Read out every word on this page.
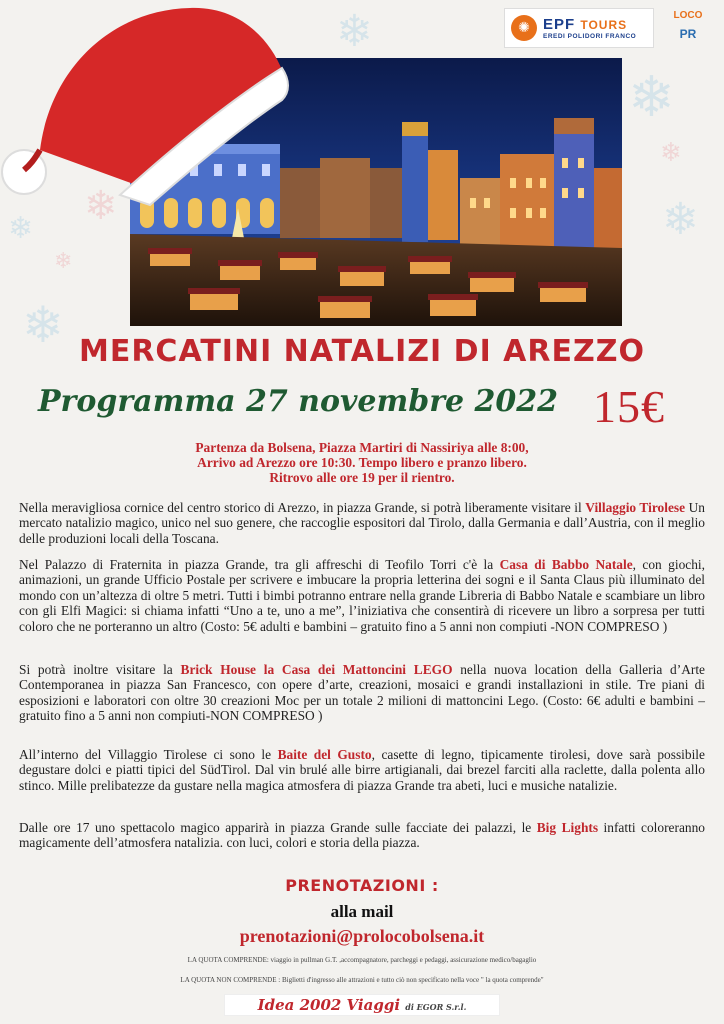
❄
❄
❄
❄
❄
❄
❄
❄
✺ EPF TOURS
EREDI POLIDORI FRANCO
LOCO
PR
MERCATINI NATALIZI DI AREZZO
Programma 27 novembre 2022 15€
Partenza da Bolsena, Piazza Martiri di Nassiriya alle 8:00,
Arrivo ad Arezzo ore 10:30. Tempo libero e pranzo libero.
Ritrovo alle ore 19 per il rientro.

Nella meravigliosa cornice del centro storico di Arezzo, in piazza Grande, si potrà liberamente visitare il Villaggio Tirolese Un mercato natalizio magico, unico nel suo genere, che raccoglie espositori dal Tirolo, dalla Germania e dall’Austria, con il meglio delle produzioni locali della Toscana.

Nel Palazzo di Fraternita in piazza Grande, tra gli affreschi di Teofilo Torri c'è la Casa di Babbo Natale, con giochi, animazioni, un grande Ufficio Postale per scrivere e imbucare la propria letterina dei sogni e il Santa Claus più illuminato del mondo con un’altezza di oltre 5 metri. Tutti i bimbi potranno entrare nella grande Libreria di Babbo Natale e scambiare un libro con gli Elfi Magici: si chiama infatti “Uno a te, uno a me”, l’iniziativa che consentirà di ricevere un libro a sorpresa per tutti coloro che ne porteranno un altro (Costo: 5€ adulti e bambini – gratuito fino a 5 anni non compiuti -NON COMPRESO )

Si potrà inoltre visitare la Brick House la Casa dei Mattoncini LEGO nella nuova location della Galleria d’Arte Contemporanea in piazza San Francesco, con opere d’arte, creazioni, mosaici e grandi installazioni in stile. Tre piani di esposizioni e laboratori con oltre 30 creazioni Moc per un totale 2 milioni di mattoncini Lego. (Costo: 6€ adulti e bambini – gratuito fino a 5 anni non compiuti-NON COMPRESO )

All’interno del Villaggio Tirolese ci sono le Baite del Gusto, casette di legno, tipicamente tirolesi, dove sarà possibile degustare dolci e piatti tipici del SüdTirol. Dal vin brulé alle birre artigianali, dai brezel farciti alla raclette, dalla polenta allo stinco. Mille prelibatezze da gustare nella magica atmosfera di piazza Grande tra abeti, luci e musiche natalizie.

Dalle ore 17 uno spettacolo magico apparirà in piazza Grande sulle facciate dei palazzi, le Big Lights infatti coloreranno magicamente dell’atmosfera natalizia. con luci, colori e storia della piazza.

PRENOTAZIONI :
alla mail
prenotazioni@prolocobolsena.it
LA QUOTA COMPRENDE: viaggio in pullman G.T. ,accompagnatore, parcheggi e pedaggi, assicurazione medico/bagaglio
LA QUOTA NON COMPRENDE : Biglietti d'ingresso alle attrazioni e tutto ciò non specificato nella voce " la quota comprende"
Idea 2002 Viaggi di EGOR S.r.l.
